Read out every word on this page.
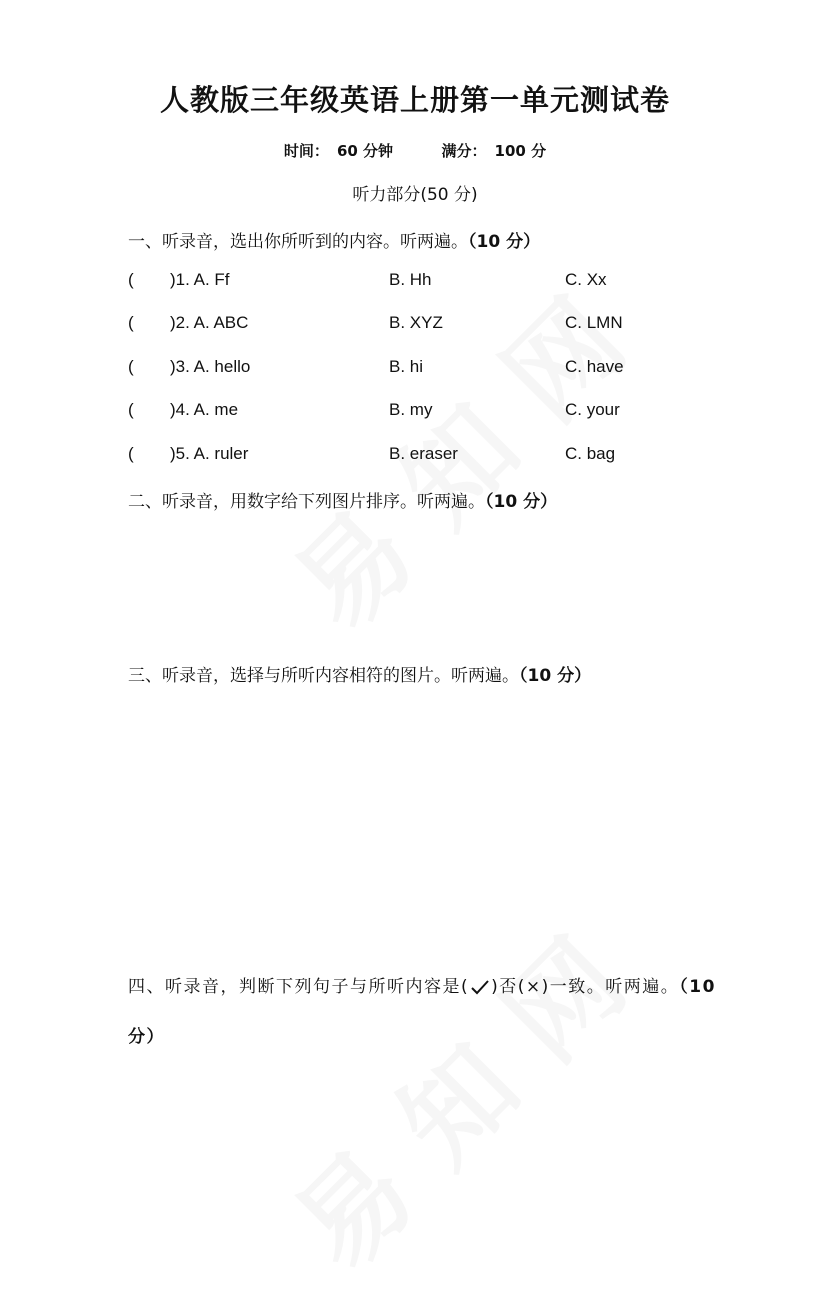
人教版三年级英语上册第一单元测试卷
时间： 60 分钟	满分： 100 分
听力部分(50 分)
一、听录音，选出你所听到的内容。听两遍。（10 分）
( )1. A. Ff	B. Hh	C. Xx
( )2. A. ABC	B. XYZ	C. LMN
( )3. A. hello	B. hi	C. have
( )4. A. me	B. my	C. your
( )5. A. ruler	B. eraser	C. bag
二、听录音，用数字给下列图片排序。听两遍。（10 分）
三、听录音，选择与所听内容相符的图片。听两遍。（10 分）
四、听录音，判断下列句子与所听内容是( )否(×)一致。听两遍。（10分）
